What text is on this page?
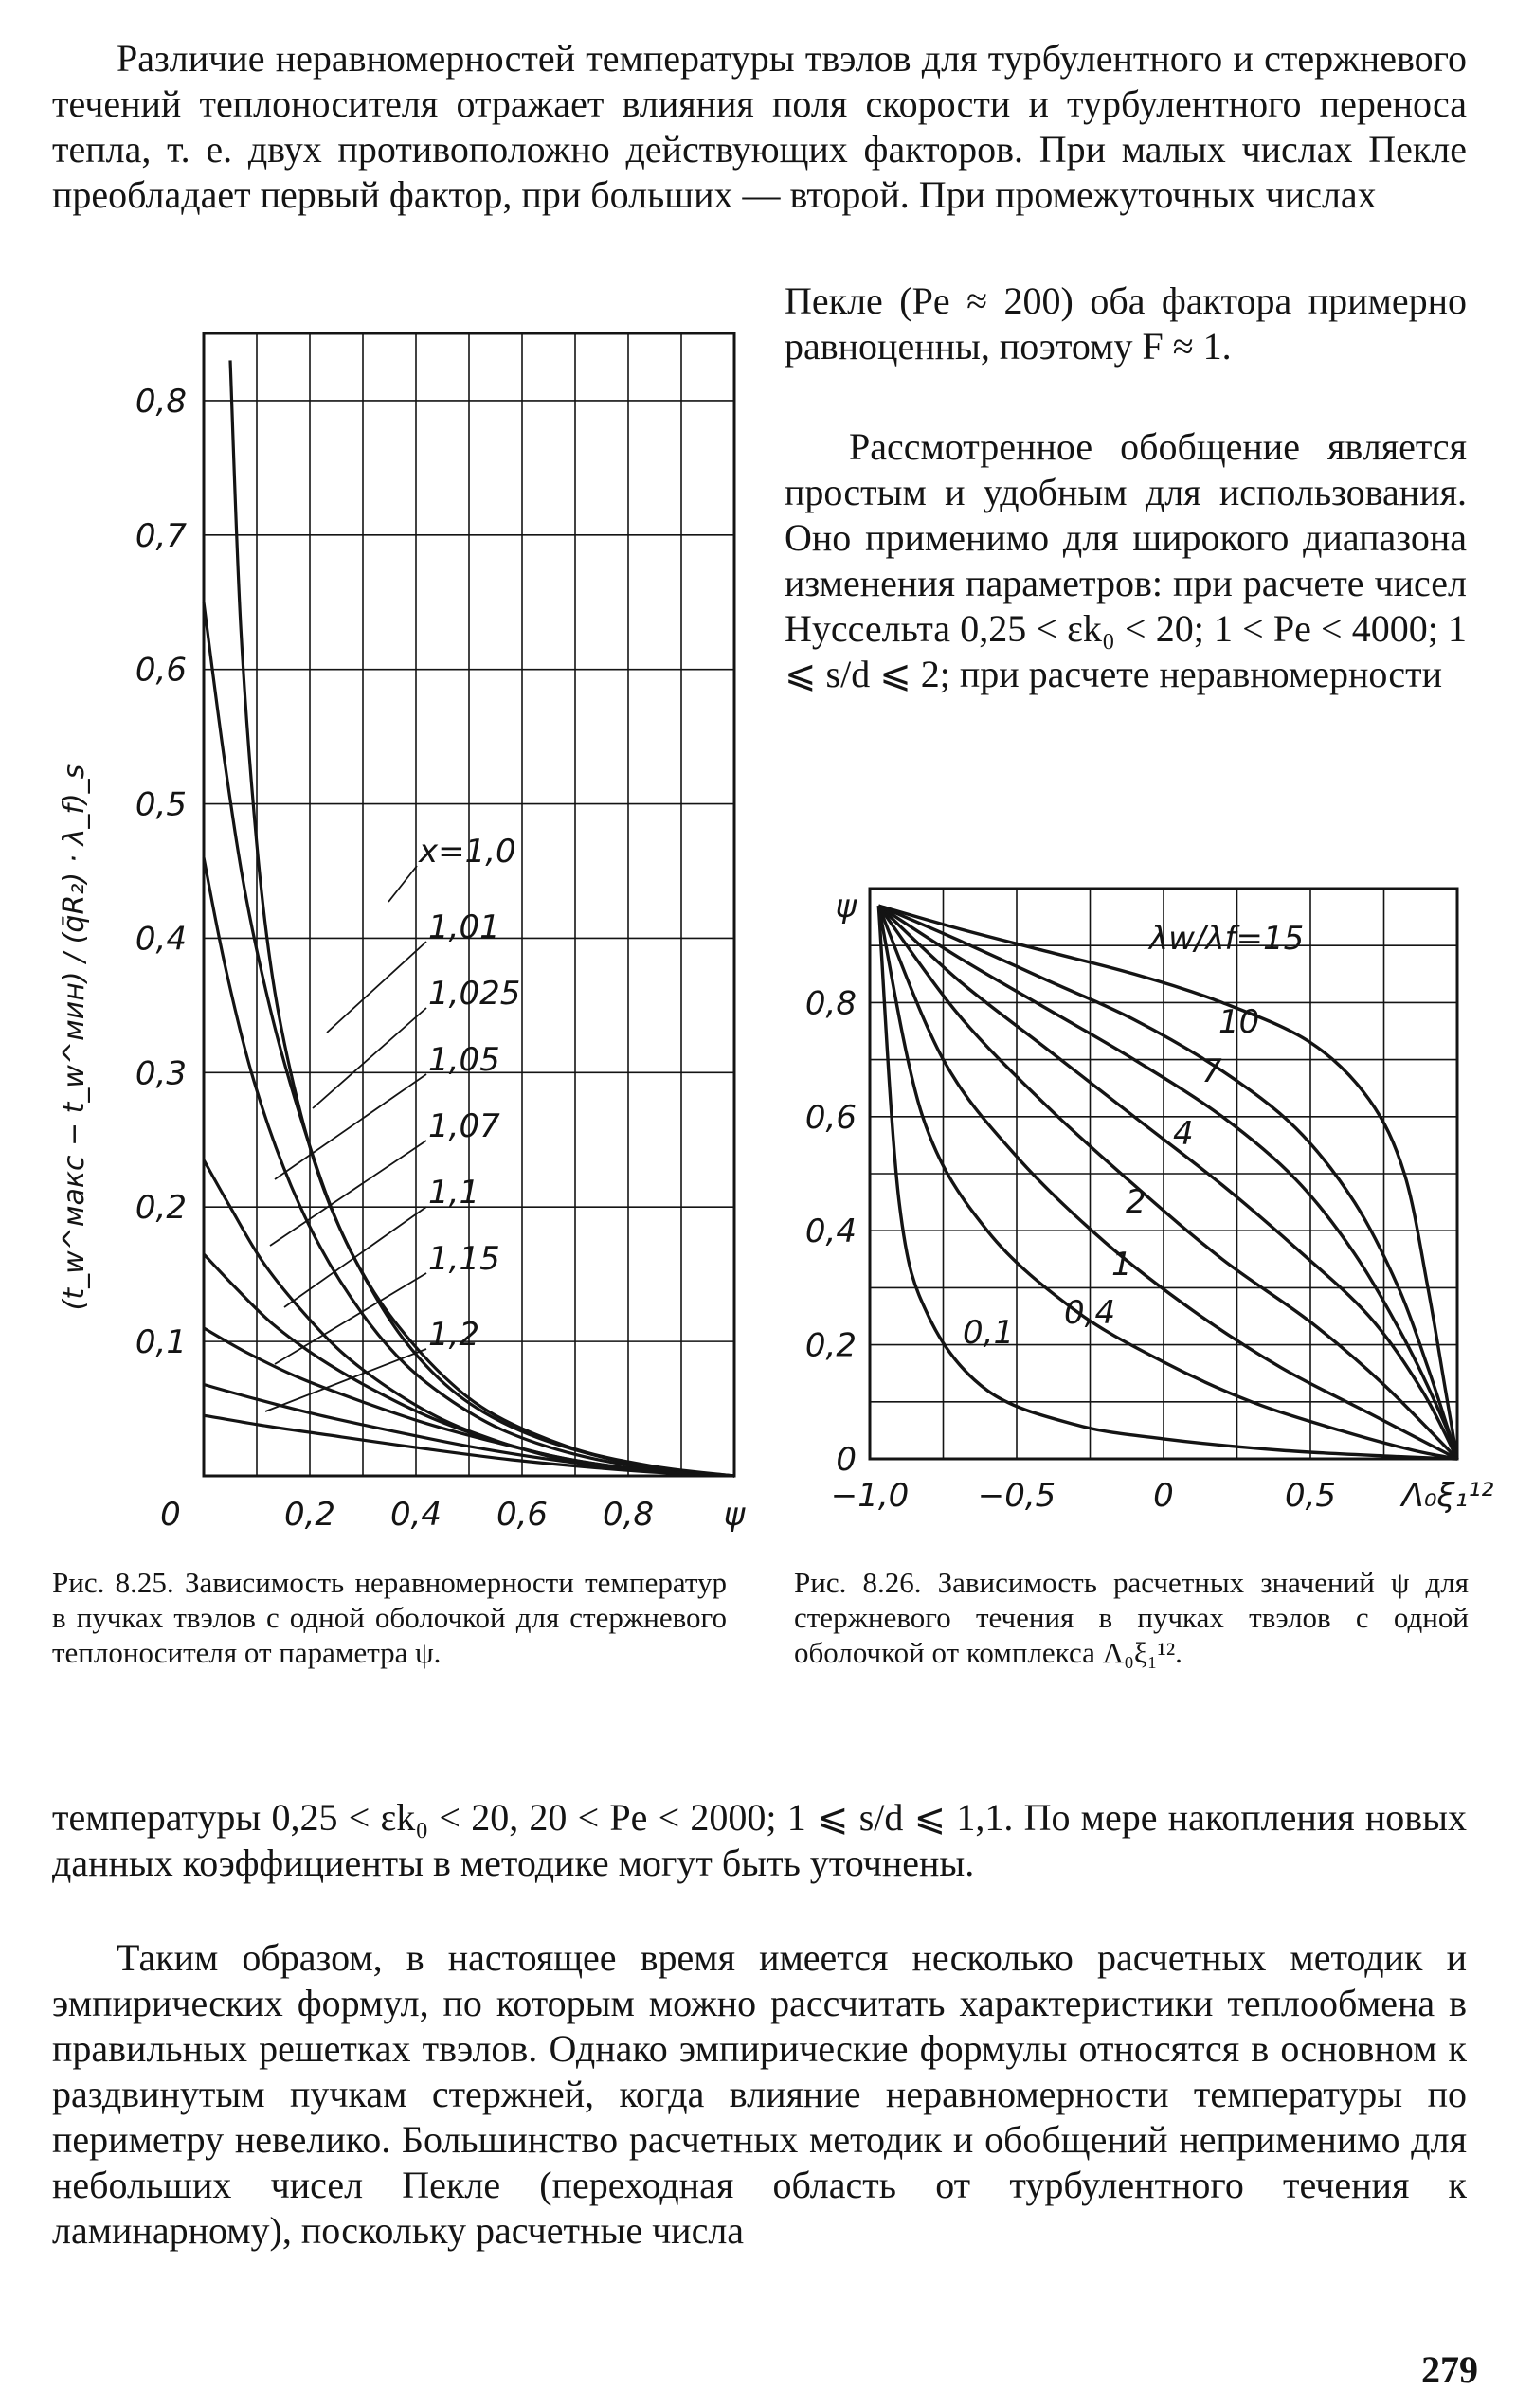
Различие неравномерностей температуры твэлов для турбулентного и стержневого течений теплоносителя отражает влияния поля скорости и турбулентного переноса тепла, т. е. двух противоположно действующих факторов. При малых числах Пекле преобладает первый фактор, при больших — второй. При промежуточных числах

Пекле (Pe ≈ 200) оба фактора примерно равноценны, поэтому F ≈ 1.

Рассмотренное обобщение является простым и удобным для использования. Оно применимо для широкого диапазона изменения параметров: при расчете чисел Нуссельта 0,25 < εk₀ < 20; 1 < Pe < 4000; 1 ⩽ s/d ⩽ 2; при расчете неравномерности

0,1
0,2
0,3
0,4
0,5
0,6
0,7
0,8
0	0,2 0,4 0,6 0,8 ψ
(t_w^макс − t_w^мин) / (q̄R₂) · λ_f)_s	x=1,0
1,01
1,025
1,05
1,07
1,1
1,15
1,2
0
0,2
0,4
0,6
0,8
ψ
−1,0 −0,5	0	0,5 Λ₀ξ₁¹²
λw/λf=15
10
7
4
2
1
0,4
0,1

Рис. 8.25. Зависимость неравномерности температур в пучках твэлов с одной оболочкой для стержневого теплоносителя от параметра ψ.

Рис. 8.26. Зависимость расчетных значений ψ для стержневого течения в пучках твэлов с одной оболочкой от комплекса Λ₀ξ₁¹².

температуры 0,25 < εk₀ < 20, 20 < Pe < 2000; 1 ⩽ s/d ⩽ 1,1. По мере накопления новых данных коэффициенты в методике могут быть уточнены.

Таким образом, в настоящее время имеется несколько расчетных методик и эмпирических формул, по которым можно рассчитать характеристики теплообмена в правильных решетках твэлов. Однако эмпирические формулы относятся в основном к раздвинутым пучкам стержней, когда влияние неравномерности температуры по периметру невелико. Большинство расчетных методик и обобщений неприменимо для небольших чисел Пекле (переходная область от турбулентного течения к ламинарному), поскольку расчетные числа

279
